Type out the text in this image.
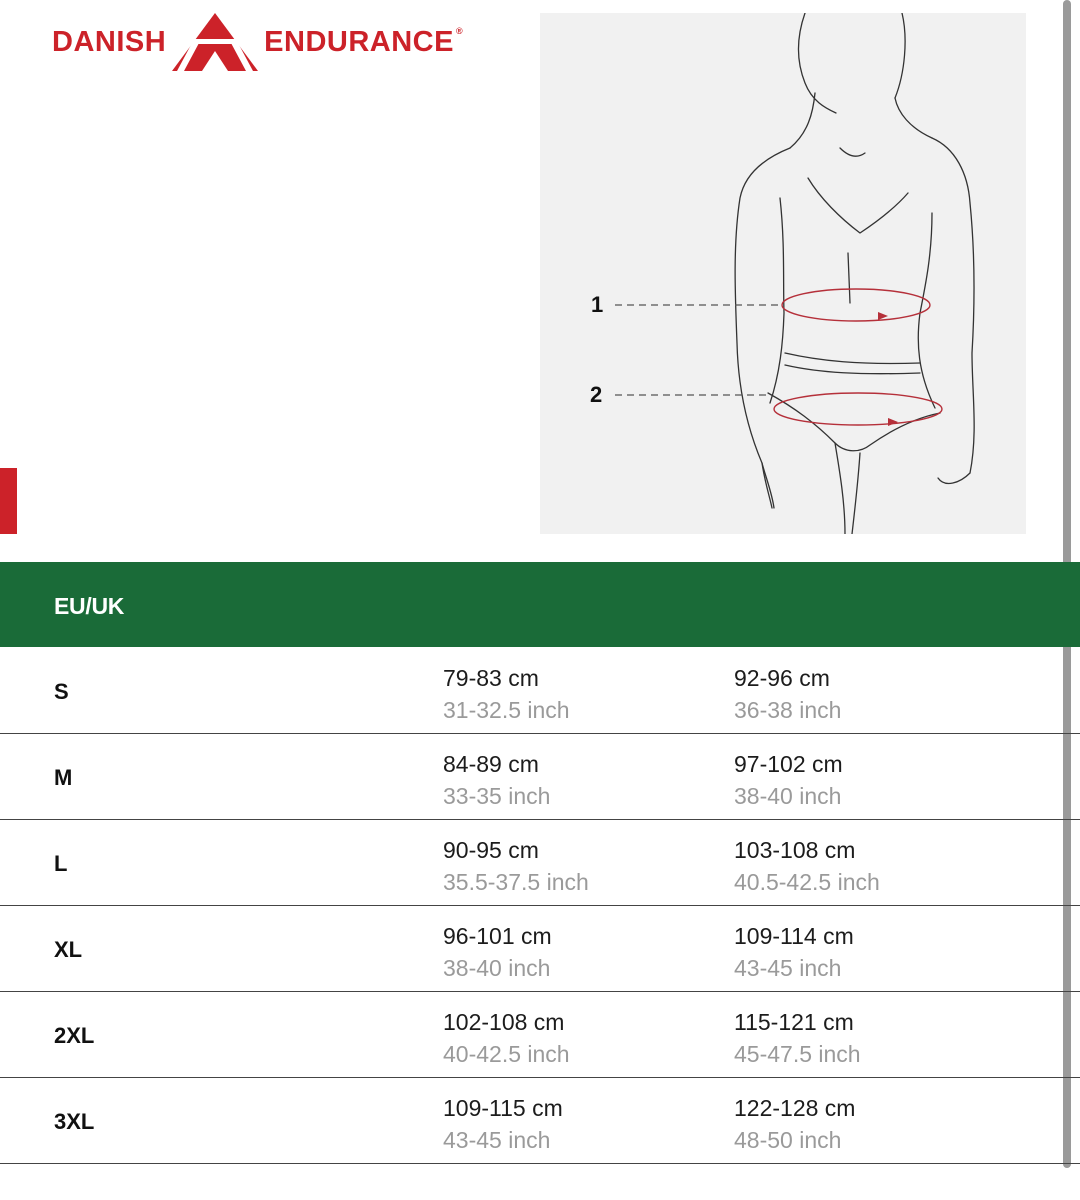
DANISH	ENDURANCE ®
1
2
EU/UK
S
79-83 cm
31-32.5 inch
92-96 cm
36-38 inch
M
84-89 cm
33-35 inch
97-102 cm
38-40 inch
L
90-95 cm
35.5-37.5 inch
103-108 cm
40.5-42.5 inch
XL
96-101 cm
38-40 inch
109-114 cm
43-45 inch
2XL
102-108 cm
40-42.5 inch
115-121 cm
45-47.5 inch
3XL
109-115 cm
43-45 inch
122-128 cm
48-50 inch
